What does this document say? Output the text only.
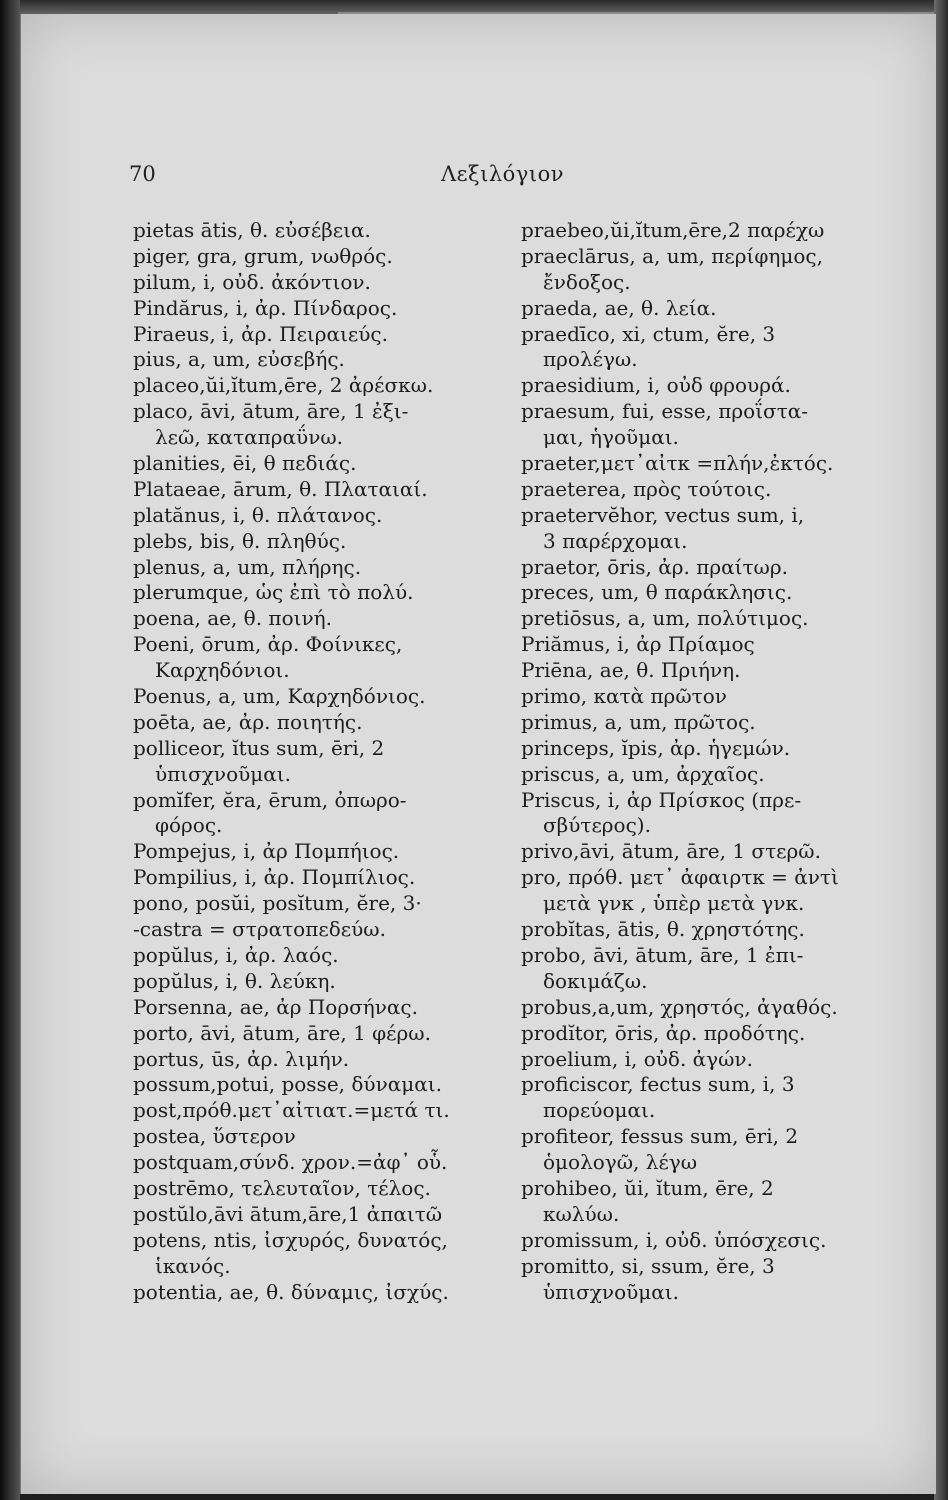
70	Λεξιλόγιον
pietas ātis, θ. εὐσέβεια.
piger, gra, grum, νωθρός.
pilum, i, οὐδ. ἀκόντιον.
Pindărus, i, ἀρ. Πίνδαρος.
Piraeus, i, ἀρ. Πειραιεύς.
pius, a, um, εὐσεβής.
placeo,ŭi,ĭtum,ēre, 2 ἀρέσκω.
placo, āvi, ātum, āre, 1 ἐξι-
λεῶ, καταπραΰνω.
planities, ēi, θ πεδιάς.
Plataeae, ārum, θ. Πλαταιαί.
platănus, i, θ. πλάτανος.
plebs, bis, θ. πληθύς.
plenus, a, um, πλήρης.
plerumque, ὡς ἐπὶ τὸ πολύ.
poena, ae, θ. ποινή.
Poeni, ōrum, ἀρ. Φοίνικες,
Καρχηδόνιοι.
Poenus, a, um, Καρχηδόνιος.
poēta, ae, ἀρ. ποιητής.
polliceor, ĭtus sum, ēri, 2
ὑπισχνοῦμαι.
pomĭfer, ĕra, ērum, ὀπωρο-
φόρος.
Pompejus, i, ἀρ Πομπήιος.
Pompilius, i, ἀρ. Πομπίλιος.
pono, posŭi, posĭtum, ĕre, 3·
-castra = στρατοπεδεύω.
popŭlus, i, ἀρ. λαός.
popŭlus, i, θ. λεύκη.
Porsenna, ae, ἀρ Πορσήνας.
porto, āvi, ātum, āre, 1 φέρω.
portus, ūs, ἀρ. λιμήν.
possum,potui, posse, δύναμαι.
post,πρόθ.μετ᾽αἰτιατ.=μετά τι.
postea, ὕστερον
postquam,σύνδ. χρον.=ἀφ᾽ οὗ.
postrēmo, τελευταῖον, τέλος.
postŭlo,āvi ātum,āre,1 ἀπαιτῶ
potens, ntis, ἰσχυρός, δυνατός,
ἱκανός.
potentia, ae, θ. δύναμις, ἰσχύς.
praebeo,ŭi,ĭtum,ēre,2 παρέχω
praeclārus, a, um, περίφημος,
ἔνδοξος.
praeda, ae, θ. λεία.
praedīco, xi, ctum, ĕre, 3
προλέγω.
praesidium, i, οὐδ φρουρά.
praesum, fui, esse, προΐστα-
μαι, ἡγοῦμαι.
praeter,μετ᾽αἰτκ =πλήν,ἐκτός.
praeterea, πρὸς τούτοις.
praetervĕhor, vectus sum, i,
3 παρέρχομαι.
praetor, ōris, ἀρ. πραίτωρ.
preces, um, θ παράκλησις.
pretiōsus, a, um, πολύτιμος.
Priămus, i, ἀρ Πρίαμος
Priēna, ae, θ. Πριήνη.
primo, κατὰ πρῶτον
primus, a, um, πρῶτος.
princeps, ĭpis, ἀρ. ἡγεμών.
priscus, a, um, ἀρχαῖος.
Priscus, i, ἀρ Πρίσκος (πρε-
σβύτερος).
privo,āvi, ātum, āre, 1 στερῶ.
pro, πρόθ. μετ᾽ ἀφαιρτκ = ἀντὶ
μετὰ γνκ , ὑπὲρ μετὰ γνκ.
probĭtas, ātis, θ. χρηστότης.
probo, āvi, ātum, āre, 1 ἐπι-
δοκιμάζω.
probus,a,um, χρηστός, ἀγαθός.
prodĭtor, ōris, ἀρ. προδότης.
proelium, i, οὐδ. ἀγών.
proficiscor, fectus sum, i, 3
πορεύομαι.
profiteor, fessus sum, ēri, 2
ὁμολογῶ, λέγω
prohibeo, ŭi, ĭtum, ēre, 2
κωλύω.
promissum, i, οὐδ. ὑπόσχεσις.
promitto, si, ssum, ĕre, 3
ὑπισχνοῦμαι.
